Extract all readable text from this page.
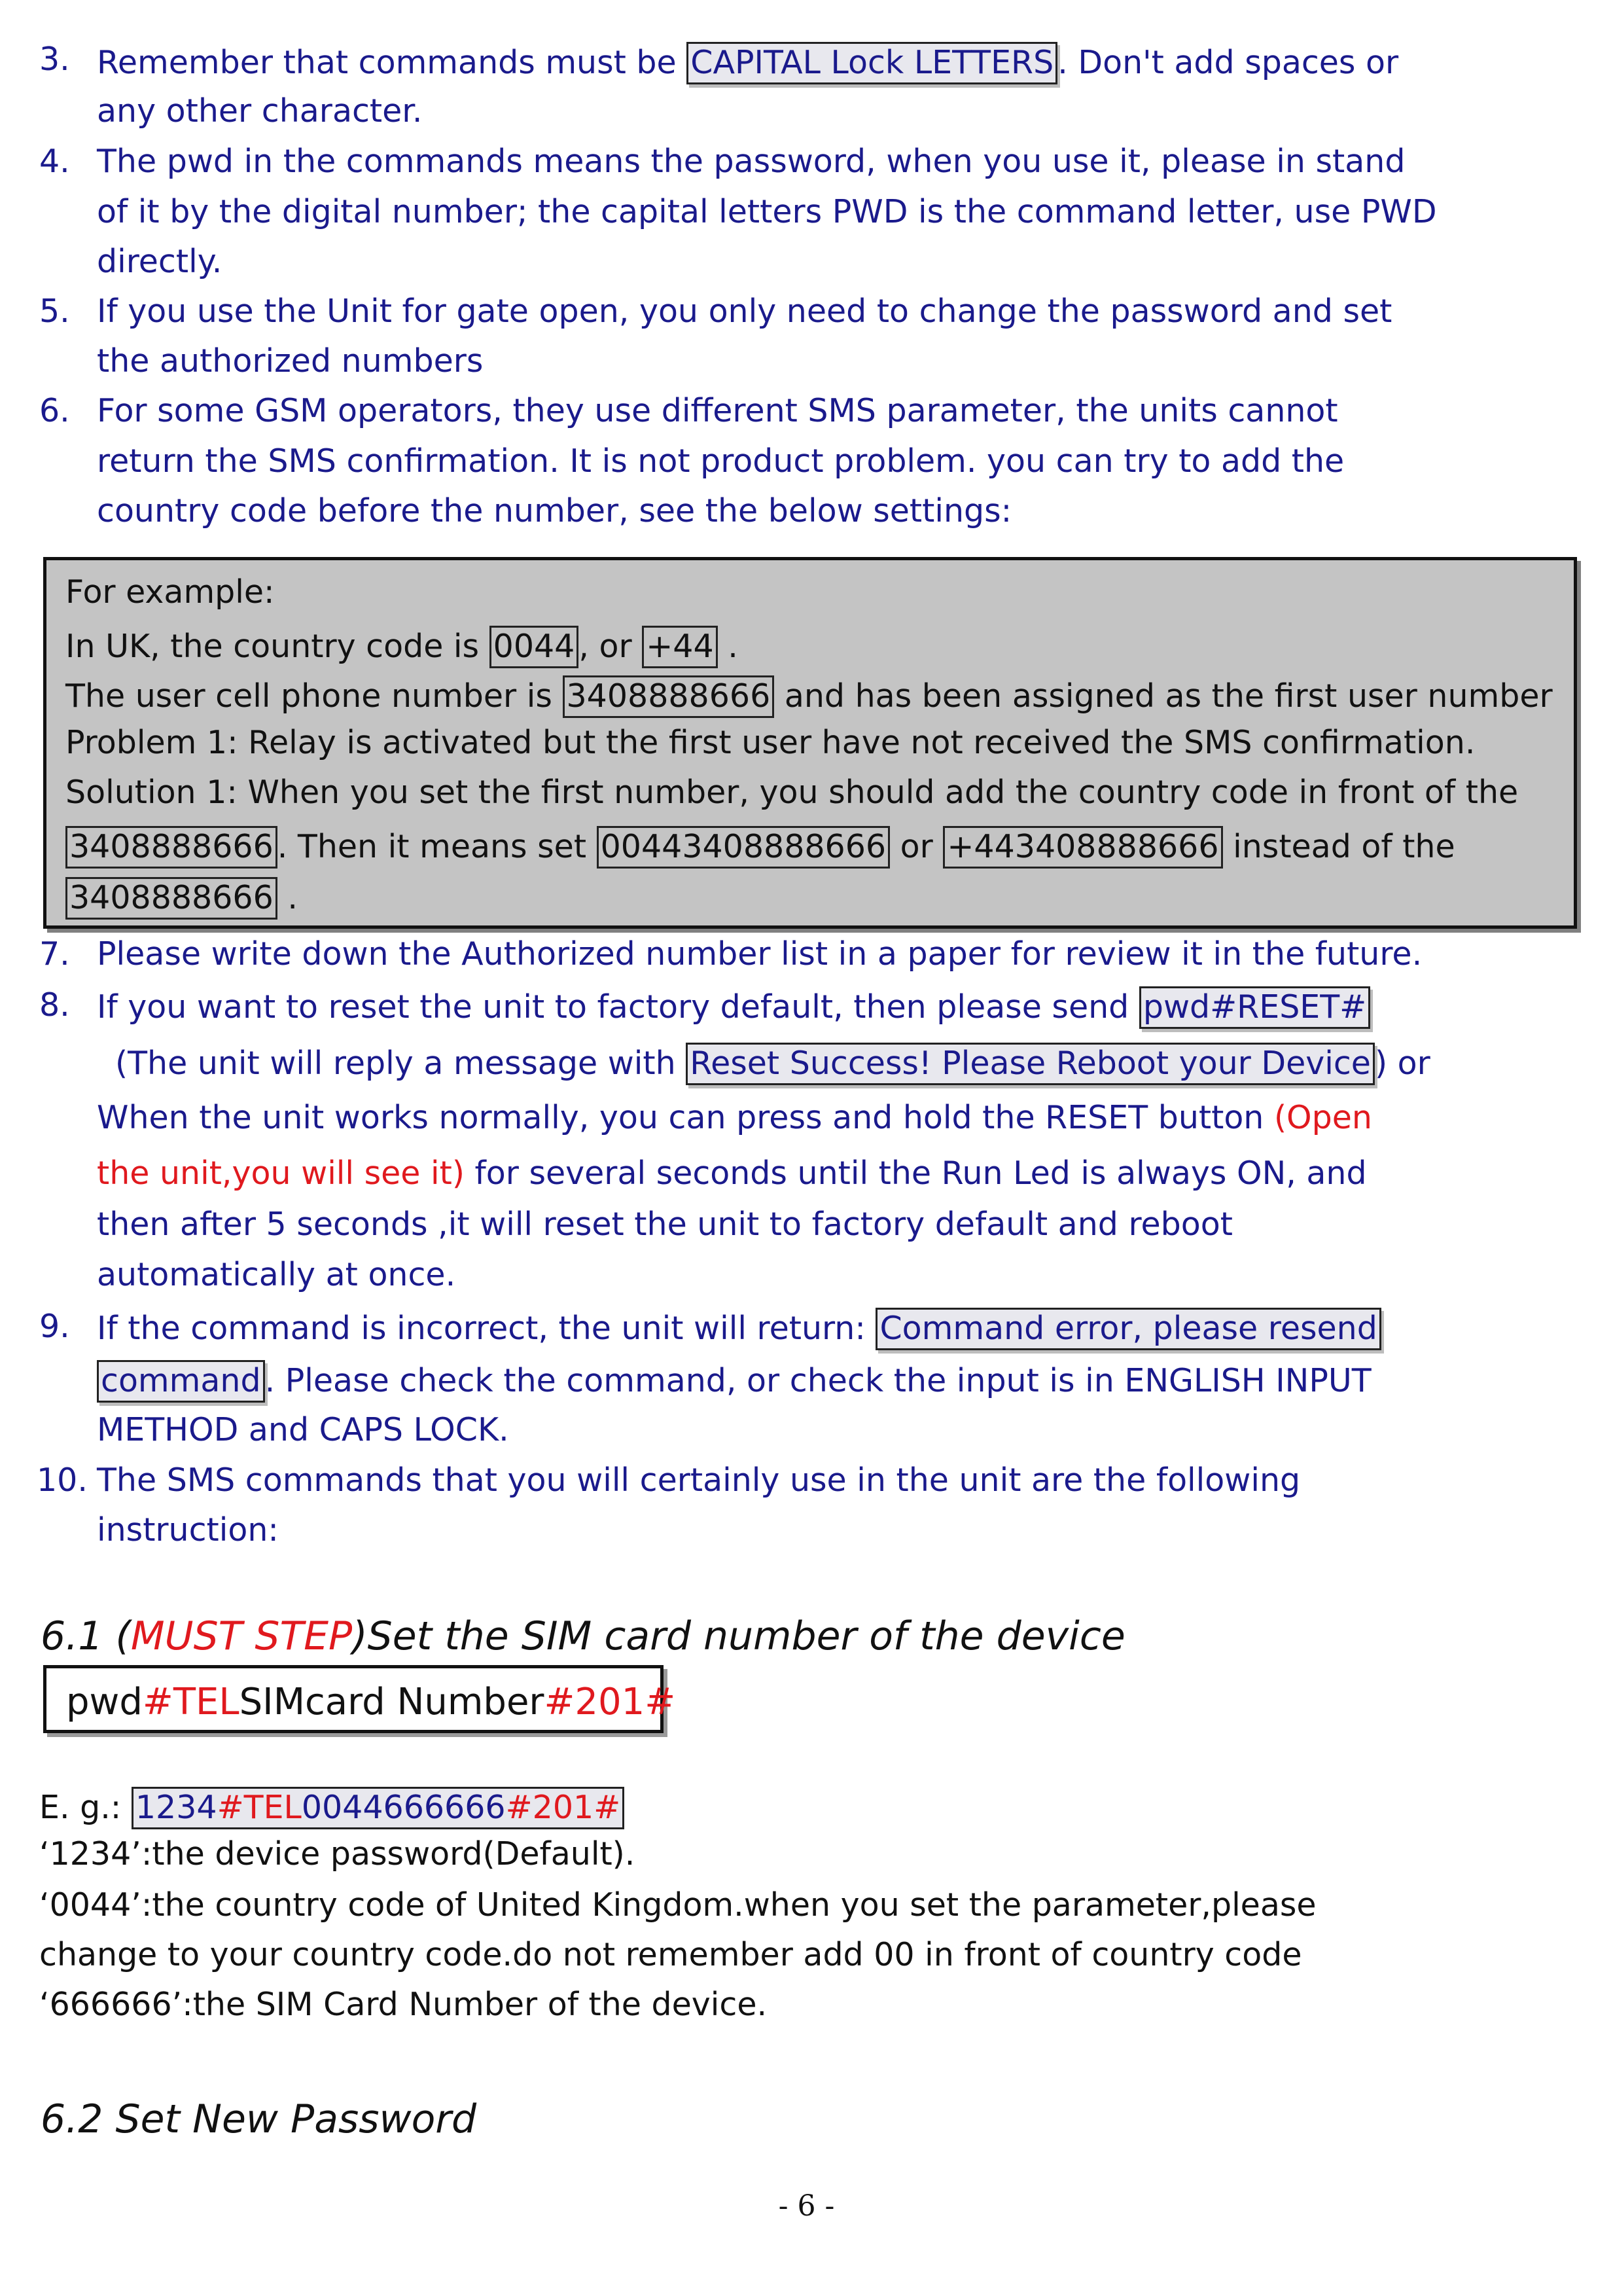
3. Remember that commands must be CAPITAL Lock LETTERS. Don't add spaces or
any other character.
4. The pwd in the commands means the password, when you use it, please in stand
of it by the digital number; the capital letters PWD is the command letter, use PWD
directly.
5. If you use the Unit for gate open, you only need to change the password and set
the authorized numbers
6. For some GSM operators, they use different SMS parameter, the units cannot
return the SMS confirmation. It is not product problem. you can try to add the
country code before the number, see the below settings:
For example:
In UK, the country code is 0044 , or +44 .
The user cell phone number is 3408888666 and has been assigned as the first user number
Problem 1: Relay is activated but the first user have not received the SMS confirmation.
Solution 1: When you set the first number, you should add the country code in front of the
3408888666 . Then it means set 00443408888666 or +443408888666 instead of the
3408888666 .
7. Please write down the Authorized number list in a paper for review it in the future.
8. If you want to reset the unit to factory default, then please send pwd#RESET#
(The unit will reply a message with Reset Success! Please Reboot your Device) or
When the unit works normally, you can press and hold the RESET button (Open
the unit,you will see it) for several seconds until the Run Led is always ON, and
then after 5 seconds ,it will reset the unit to factory default and reboot
automatically at once.
9. If the command is incorrect, the unit will return: Command error, please resend
command. Please check the command, or check the input is in ENGLISH INPUT
METHOD and CAPS LOCK.
10. The SMS commands that you will certainly use in the unit are the following
instruction:
6.1 (MUST STEP)Set the SIM card number of the device
pwd#TELSIMcard Number#201#
E. g.: 1234#TEL0044666666#201#
‘1234’:the device password(Default).
‘0044’:the country code of United Kingdom.when you set the parameter,please
change to your country code.do not remember add 00 in front of country code
‘666666’:the SIM Card Number of the device.
6.2 Set New Password
- 6 -
